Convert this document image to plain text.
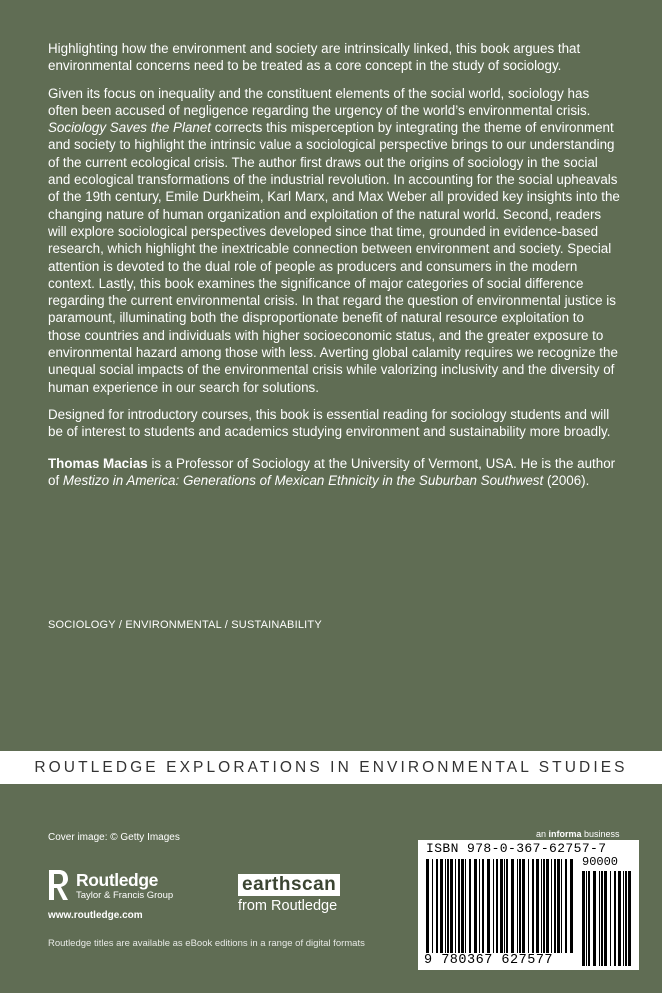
Highlighting how the environment and society are intrinsically linked, this book argues that environmental concerns need to be treated as a core concept in the study of sociology.

Given its focus on inequality and the constituent elements of the social world, sociology has often been accused of negligence regarding the urgency of the world’s environmental crisis. Sociology Saves the Planet corrects this misperception by integrating the theme of environment and society to highlight the intrinsic value a sociological perspective brings to our understanding of the current ecological crisis. The author first draws out the origins of sociology in the social and ecological transformations of the industrial revolution. In accounting for the social upheavals of the 19th century, Emile Durkheim, Karl Marx, and Max Weber all provided key insights into the changing nature of human organization and exploitation of the natural world. Second, readers will explore sociological perspectives developed since that time, grounded in evidence-based research, which highlight the inextricable connection between environment and society. Special attention is devoted to the dual role of people as producers and consumers in the modern context. Lastly, this book examines the significance of major categories of social difference regarding the current environmental crisis. In that regard the question of environmental justice is paramount, illuminating both the disproportionate benefit of natural resource exploitation to those countries and individuals with higher socioeconomic status, and the greater exposure to environmental hazard among those with less. Averting global calamity requires we recognize the unequal social impacts of the environmental crisis while valorizing inclusivity and the diversity of human experience in our search for solutions.

Designed for introductory courses, this book is essential reading for sociology students and will be of interest to students and academics studying environment and sustainability more broadly.

Thomas Macias is a Professor of Sociology at the University of Vermont, USA. He is the author of Mestizo in America: Generations of Mexican Ethnicity in the Suburban Southwest (2006).

SOCIOLOGY / ENVIRONMENTAL / SUSTAINABILITY
ROUTLEDGE EXPLORATIONS IN ENVIRONMENTAL STUDIES
Cover image: © Getty Images
Routledge
Taylor & Francis Group
www.routledge.com
Routledge titles are available as eBook editions in a range of digital formats
earthscan
from Routledge
an informa business
ISBN 978-0-367-62757-7
90000
9 780367 627577
